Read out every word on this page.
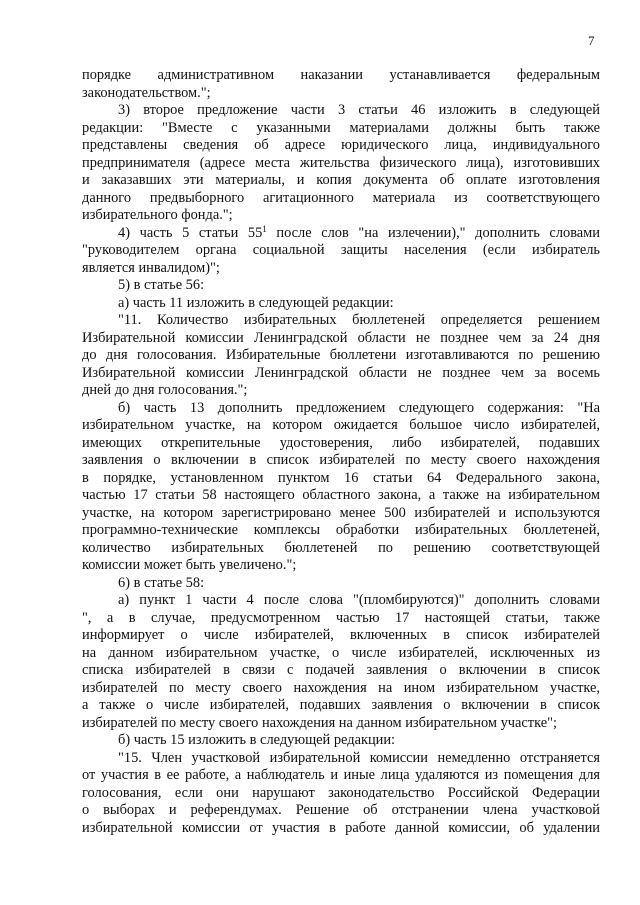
7
порядке административном наказании устанавливается федеральным
законодательством.";
3) второе предложение части 3 статьи 46 изложить в следующей
редакции: "Вместе с указанными материалами должны быть также
представлены сведения об адресе юридического лица, индивидуального
предпринимателя (адресе места жительства физического лица), изготовивших
и заказавших эти материалы, и копия документа об оплате изготовления
данного предвыборного агитационного материала из соответствующего
избирательного фонда.";
4) часть 5 статьи $55^1$ после слов "на излечении)," дополнить словами
"руководителем органа социальной защиты населения (если избиратель
является инвалидом)";
5) в статье 56:
а) часть 11 изложить в следующей редакции:
"11. Количество избирательных бюллетеней определяется решением
Избирательной комиссии Ленинградской области не позднее чем за 24 дня
до дня голосования. Избирательные бюллетени изготавливаются по решению
Избирательной комиссии Ленинградской области не позднее чем за восемь
дней до дня голосования.";
б) часть 13 дополнить предложением следующего содержания: "На
избирательном участке, на котором ожидается большое число избирателей,
имеющих открепительные удостоверения, либо избирателей, подавших
заявления о включении в список избирателей по месту своего нахождения
в порядке, установленном пунктом 16 статьи 64 Федерального закона,
частью 17 статьи 58 настоящего областного закона, а также на избирательном
участке, на котором зарегистрировано менее 500 избирателей и используются
программно-технические комплексы обработки избирательных бюллетеней,
количество избирательных бюллетеней по решению соответствующей
комиссии может быть увеличено.";
6) в статье 58:
а) пункт 1 части 4 после слова "(пломбируются)" дополнить словами
", а в случае, предусмотренном частью 17 настоящей статьи, также
информирует о числе избирателей, включенных в список избирателей
на данном избирательном участке, о числе избирателей, исключенных из
списка избирателей в связи с подачей заявления о включении в список
избирателей по месту своего нахождения на ином избирательном участке,
а также о числе избирателей, подавших заявления о включении в список
избирателей по месту своего нахождения на данном избирательном участке";
б) часть 15 изложить в следующей редакции:
"15. Член участковой избирательной комиссии немедленно отстраняется
от участия в ее работе, а наблюдатель и иные лица удаляются из помещения для
голосования, если они нарушают законодательство Российской Федерации
о выборах и референдумах. Решение об отстранении члена участковой
избирательной комиссии от участия в работе данной комиссии, об удалении
